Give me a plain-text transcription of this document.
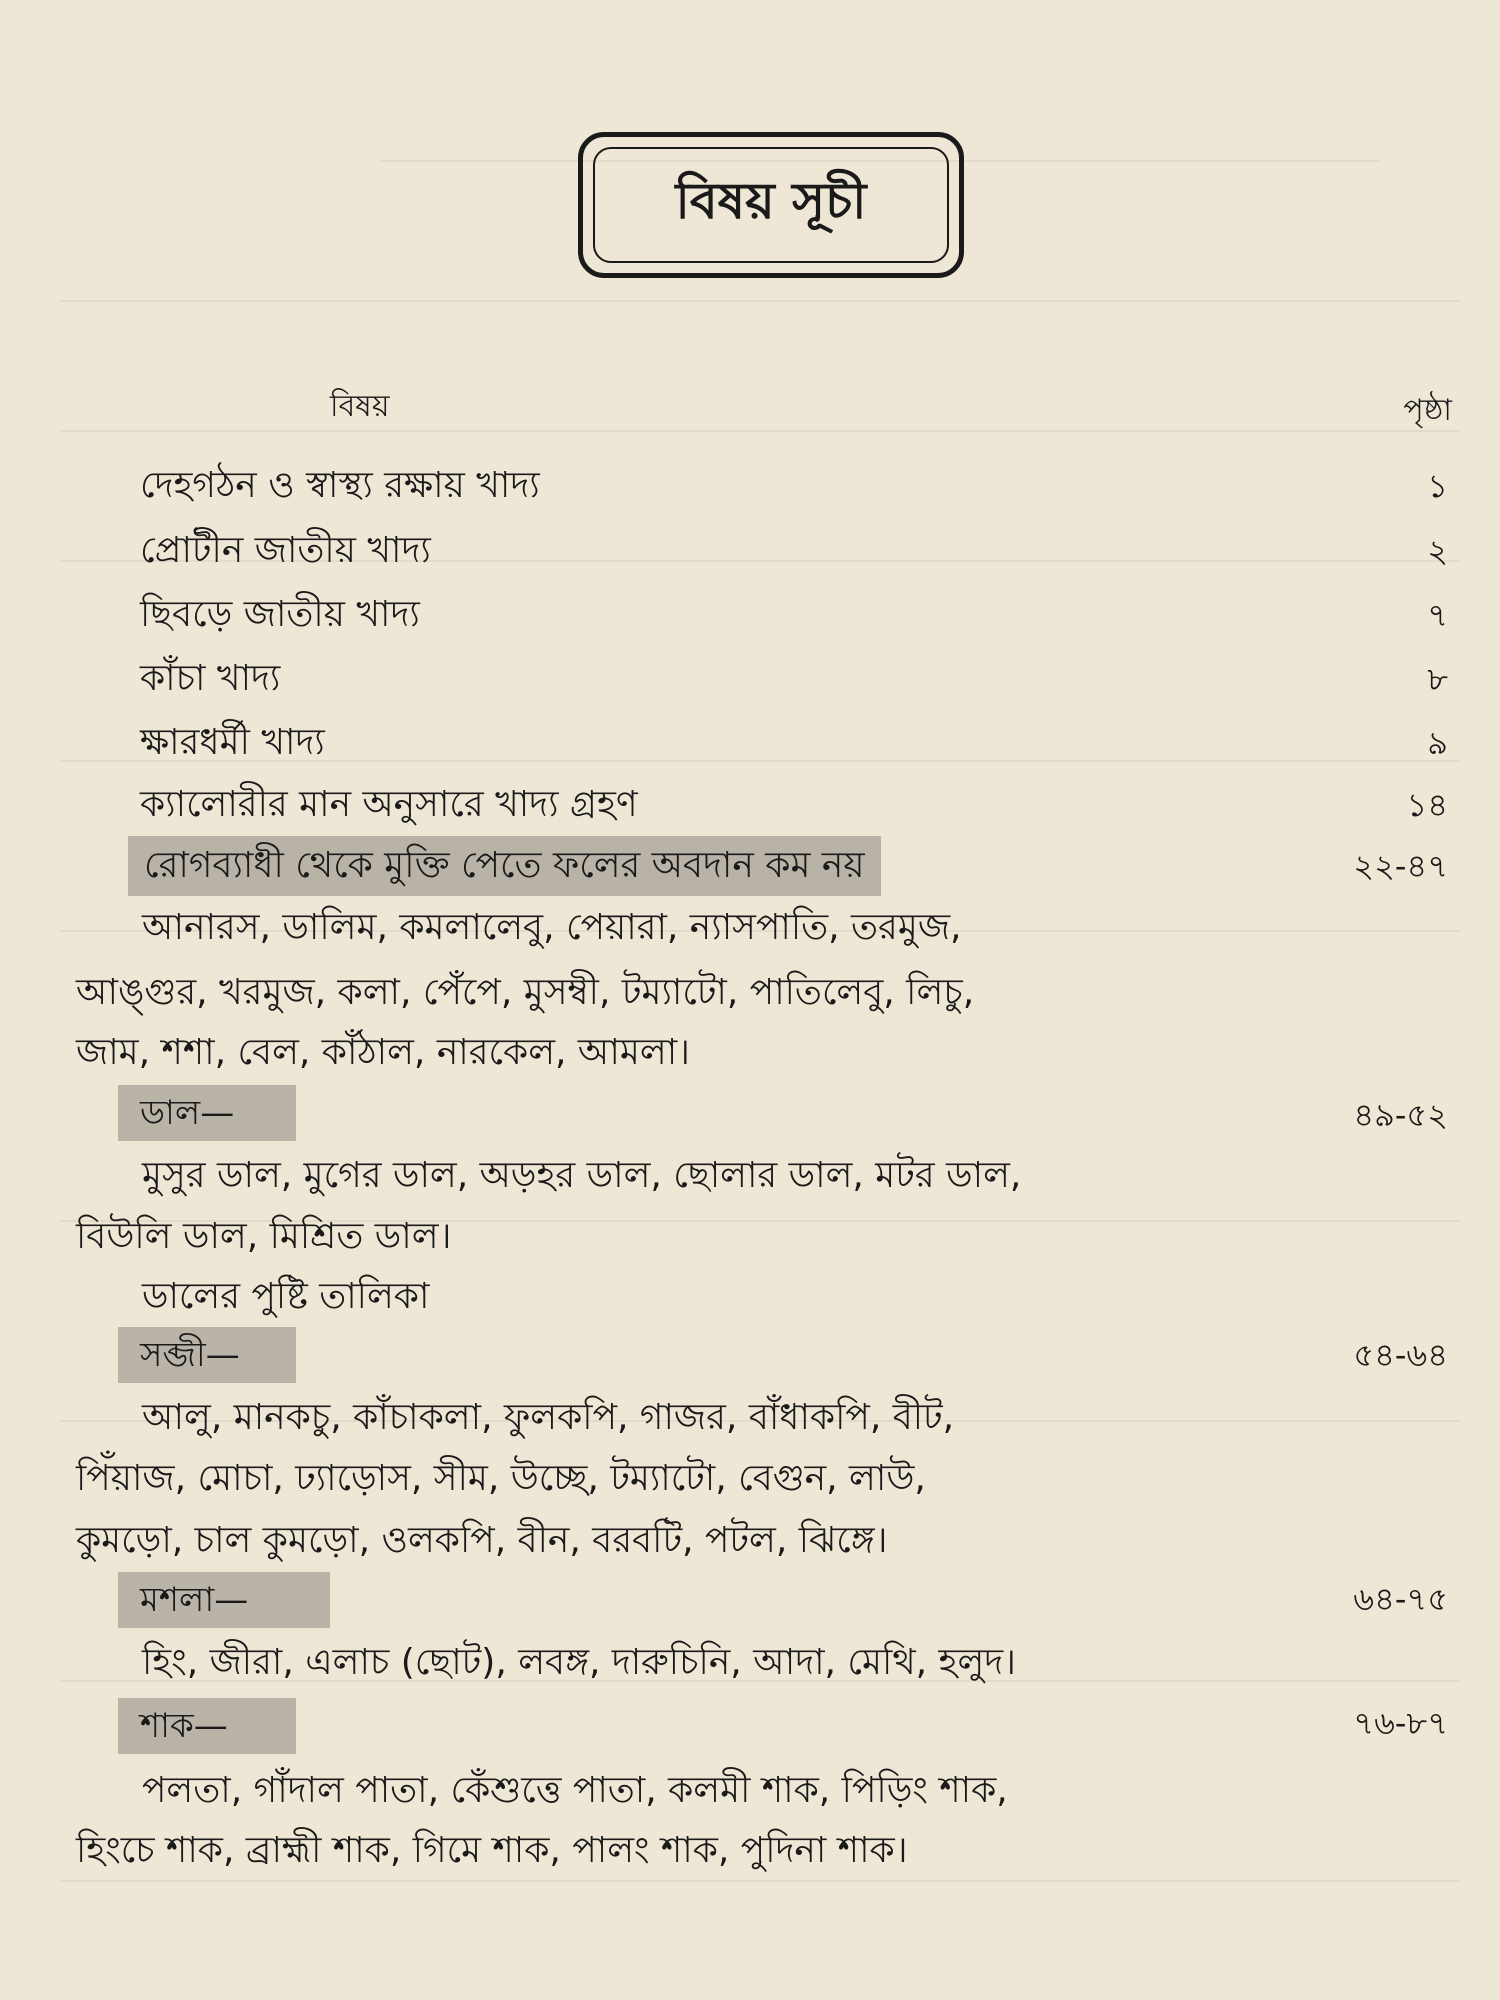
বিষয় সূচী
বিষয়	পৃষ্ঠা
দেহগঠন ও স্বাস্থ্য রক্ষায় খাদ্য	১
প্রোটীন জাতীয় খাদ্য	২
ছিবড়ে জাতীয় খাদ্য	৭
কাঁচা খাদ্য	৮
ক্ষারধর্মী খাদ্য	৯
ক্যালোরীর মান অনুসারে খাদ্য গ্রহণ	১৪
রোগব্যাধী থেকে মুক্তি পেতে ফলের অবদান কম নয়	২২-৪৭
আনারস, ডালিম, কমলালেবু, পেয়ারা, ন্যাসপাতি, তরমুজ,
আঙ্গুর, খরমুজ, কলা, পেঁপে, মুসম্বী, টম্যাটো, পাতিলেবু, লিচু,
জাম, শশা, বেল, কাঁঠাল, নারকেল, আমলা।
ডাল—	৪৯-৫২
মুসুর ডাল, মুগের ডাল, অড়হর ডাল, ছোলার ডাল, মটর ডাল,
বিউলি ডাল, মিশ্রিত ডাল।
ডালের পুষ্টি তালিকা
সব্জী—	৫৪-৬৪
আলু, মানকচু, কাঁচাকলা, ফুলকপি, গাজর, বাঁধাকপি, বীট,
পিঁয়াজ, মোচা, ঢ্যাড়োস, সীম, উচ্ছে, টম্যাটো, বেগুন, লাউ,
কুমড়ো, চাল কুমড়ো, ওলকপি, বীন, বরবটি, পটল, ঝিঙ্গে।
মশলা—	৬৪-৭৫
হিং, জীরা, এলাচ (ছোট), লবঙ্গ, দারুচিনি, আদা, মেথি, হলুদ।
শাক—	৭৬-৮৭
পলতা, গাঁদাল পাতা, কেঁশুত্তে পাতা, কলমী শাক, পিড়িং শাক,
হিংচে শাক, ব্রাহ্মী শাক, গিমে শাক, পালং শাক, পুদিনা শাক।
